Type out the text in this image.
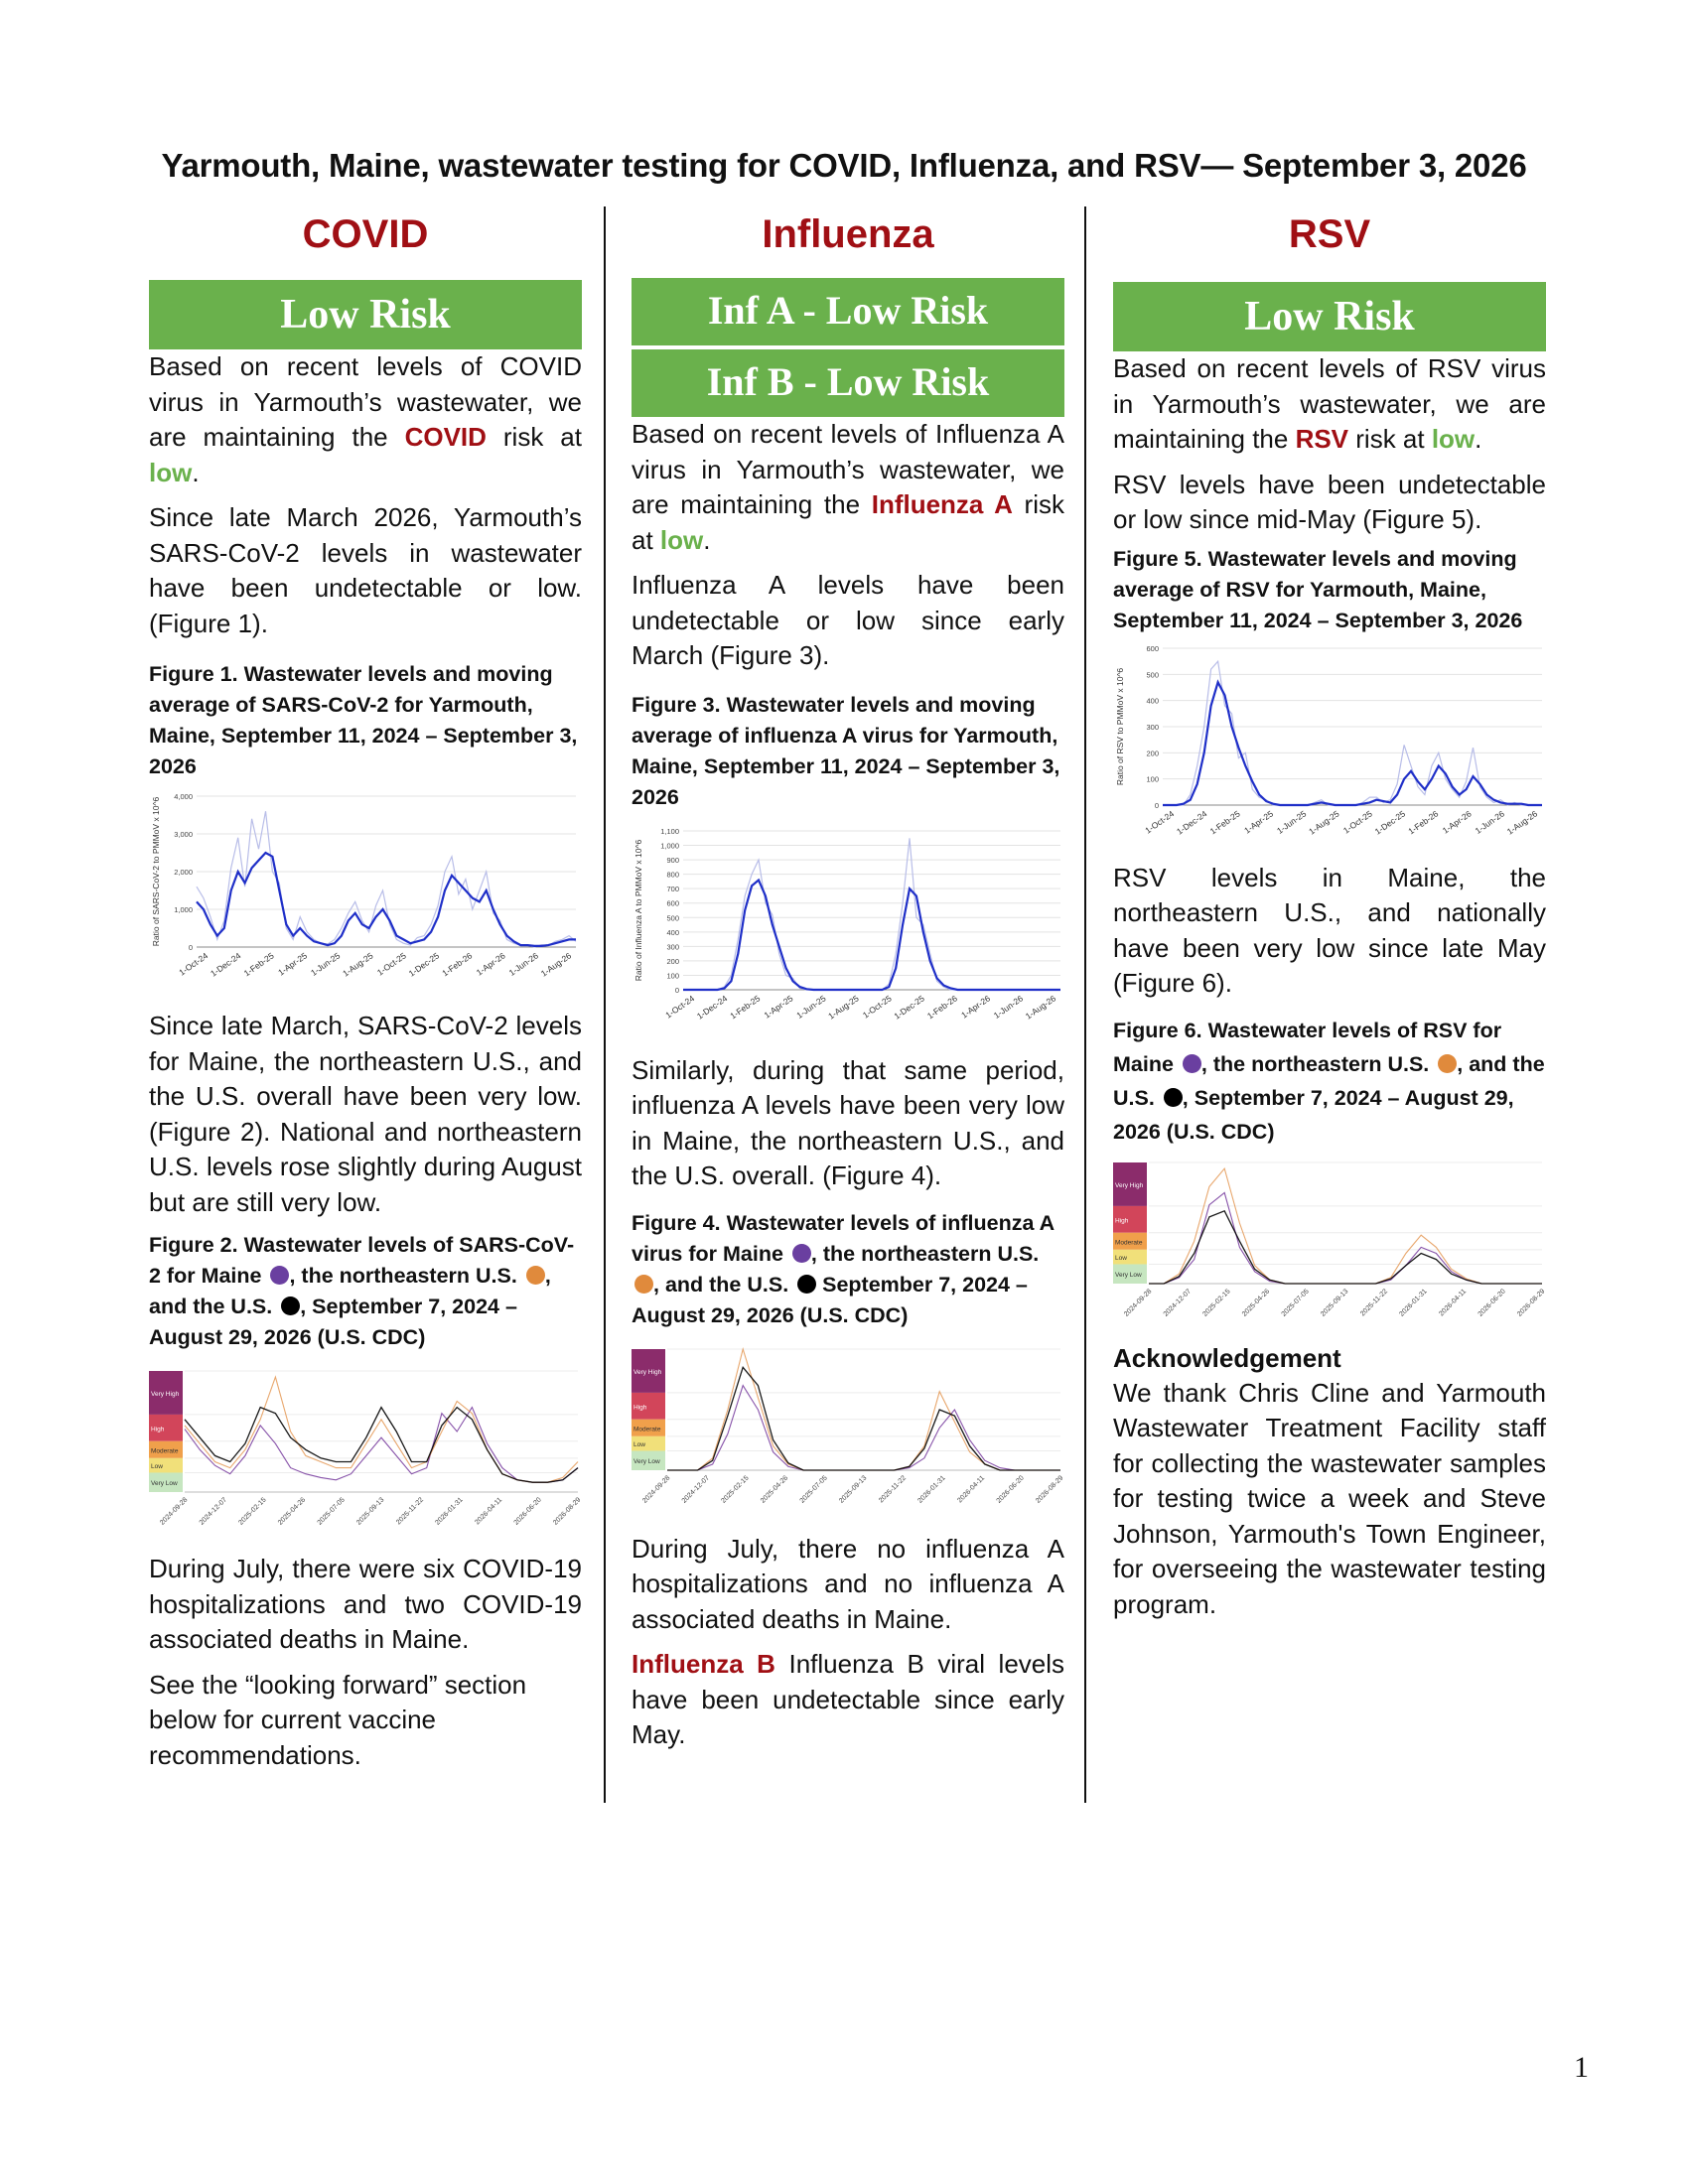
Yarmouth, Maine, wastewater testing for COVID, Influenza, and RSV— September 3, 2026
COVID
Low Risk

Based on recent levels of COVID virus in Yarmouth’s wastewater, we are maintaining the COVID risk at low.

Since late March 2026, Yarmouth’s SARS-CoV-2 levels in wastewater have been undetectable or low. (Figure 1).

Figure 1. Wastewater levels and moving average of SARS-CoV-2 for Yarmouth, Maine, September 11, 2024 – September 3, 2026

Ratio of SARS-CoV-2 to PMMoV x 10^6
0
1,000
2,000
3,000
4,000
1-Oct-24
1-Dec-24 1-Feb-25 1-Apr-25 1-Jun-25
1-Aug-25 1-Oct-25
1-Dec-25 1-Feb-26 1-Apr-26 1-Jun-26
1-Aug-26

Since late March, SARS-CoV-2 levels for Maine, the northeastern U.S., and the U.S. overall have been very low. (Figure 2). National and northeastern U.S. levels rose slightly during August but are still very low.

Figure 2. Wastewater levels of SARS-CoV-2 for Maine , the northeastern U.S. , and the U.S. , September 7, 2024 – August 29, 2026 (U.S. CDC)

Very High
High
Moderate
Low
Very Low
2024-09-28 2024-12-07 2025-02-15 2025-04-26 2025-07-05 2025-09-13 2025-11-22 2026-01-31 2026-04-11 2026-06-20 2026-08-29

During July, there were six COVID-19 hospitalizations and two COVID-19 associated deaths in Maine.

See the “looking forward” section below for current vaccine recommendations.

Influenza
Inf A - Low Risk
Inf B - Low Risk

Based on recent levels of Influenza A virus in Yarmouth’s wastewater, we are maintaining the Influenza A risk at low.

Influenza A levels have been undetectable or low since early March (Figure 3).

Figure 3. Wastewater levels and moving average of influenza A virus for Yarmouth, Maine, September 11, 2024 – September 3, 2026

Ratio of Influenza A to PMMoV x 10^6
0
100
200
300
400
500
600
700
800
900
1,000
1,100
1-Oct-24
1-Dec-24 1-Feb-25 1-Apr-25 1-Jun-25
1-Aug-25 1-Oct-25
1-Dec-25 1-Feb-26 1-Apr-26 1-Jun-26
1-Aug-26

Similarly, during that same period, influenza A levels have been very low in Maine, the northeastern U.S., and the U.S. overall. (Figure 4).

Figure 4. Wastewater levels of influenza A virus for Maine , the northeastern U.S. , and the U.S.  September 7, 2024 – August 29, 2026 (U.S. CDC)

Very High
High
Moderate
Low
Very Low
2024-09-28 2024-12-07 2025-02-15 2025-04-26 2025-07-05 2025-09-13 2025-11-22 2026-01-31 2026-04-11 2026-06-20 2026-08-29

During July, there no influenza A hospitalizations and no influenza A associated deaths in Maine.

Influenza B Influenza B viral levels have been undetectable since early May.

RSV
Low Risk

Based on recent levels of RSV virus in Yarmouth’s wastewater, we are maintaining the RSV risk at low.

RSV levels have been undetectable or low since mid-May (Figure 5).

Figure 5. Wastewater levels and moving average of RSV for Yarmouth, Maine, September 11, 2024 – September 3, 2026

Ratio of RSV to PMMoV x 10^6
0
100
200
300
400
500
600
1-Oct-24
1-Dec-24 1-Feb-25 1-Apr-25 1-Jun-25
1-Aug-25 1-Oct-25
1-Dec-25 1-Feb-26 1-Apr-26 1-Jun-26
1-Aug-26

RSV levels in Maine, the northeastern U.S., and nationally have been very low since late May (Figure 6).

Figure 6. Wastewater levels of RSV for Maine , the northeastern U.S. , and the U.S. , September 7, 2024 – August 29, 2026 (U.S. CDC)

Very High
High
Moderate
Low
Very Low
2024-09-28 2024-12-07 2025-02-15 2025-04-26 2025-07-05 2025-09-13 2025-11-22 2026-01-31 2026-04-11 2026-06-20 2026-08-29

Acknowledgement

We thank Chris Cline and Yarmouth Wastewater Treatment Facility staff for collecting the wastewater samples for testing twice a week and Steve Johnson, Yarmouth's Town Engineer, for overseeing the wastewater testing program.

1
